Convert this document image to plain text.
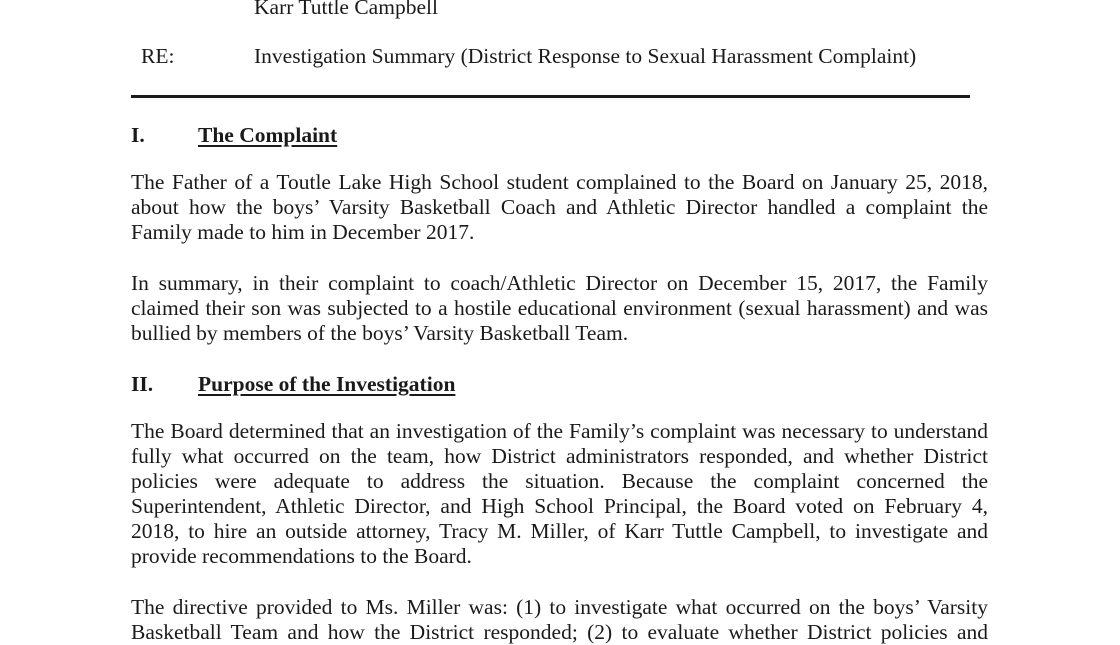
Karr Tuttle Campbell
RE:	Investigation Summary (District Response to Sexual Harassment Complaint)
I. The Complaint
The Father of a Toutle Lake High School student complained to the Board on January 25, 2018,
about how the boys’ Varsity Basketball Coach and Athletic Director handled a complaint the
Family made to him in December 2017.
In summary, in their complaint to coach/Athletic Director on December 15, 2017, the Family
claimed their son was subjected to a hostile educational environment (sexual harassment) and was
bullied by members of the boys’ Varsity Basketball Team.
II. Purpose of the Investigation
The Board determined that an investigation of the Family’s complaint was necessary to understand
fully what occurred on the team, how District administrators responded, and whether District
policies were adequate to address the situation. Because the complaint concerned the
Superintendent, Athletic Director, and High School Principal, the Board voted on February 4,
2018, to hire an outside attorney, Tracy M. Miller, of Karr Tuttle Campbell, to investigate and
provide recommendations to the Board.
The directive provided to Ms. Miller was: (1) to investigate what occurred on the boys’ Varsity
Basketball Team and how the District responded; (2) to evaluate whether District policies and
